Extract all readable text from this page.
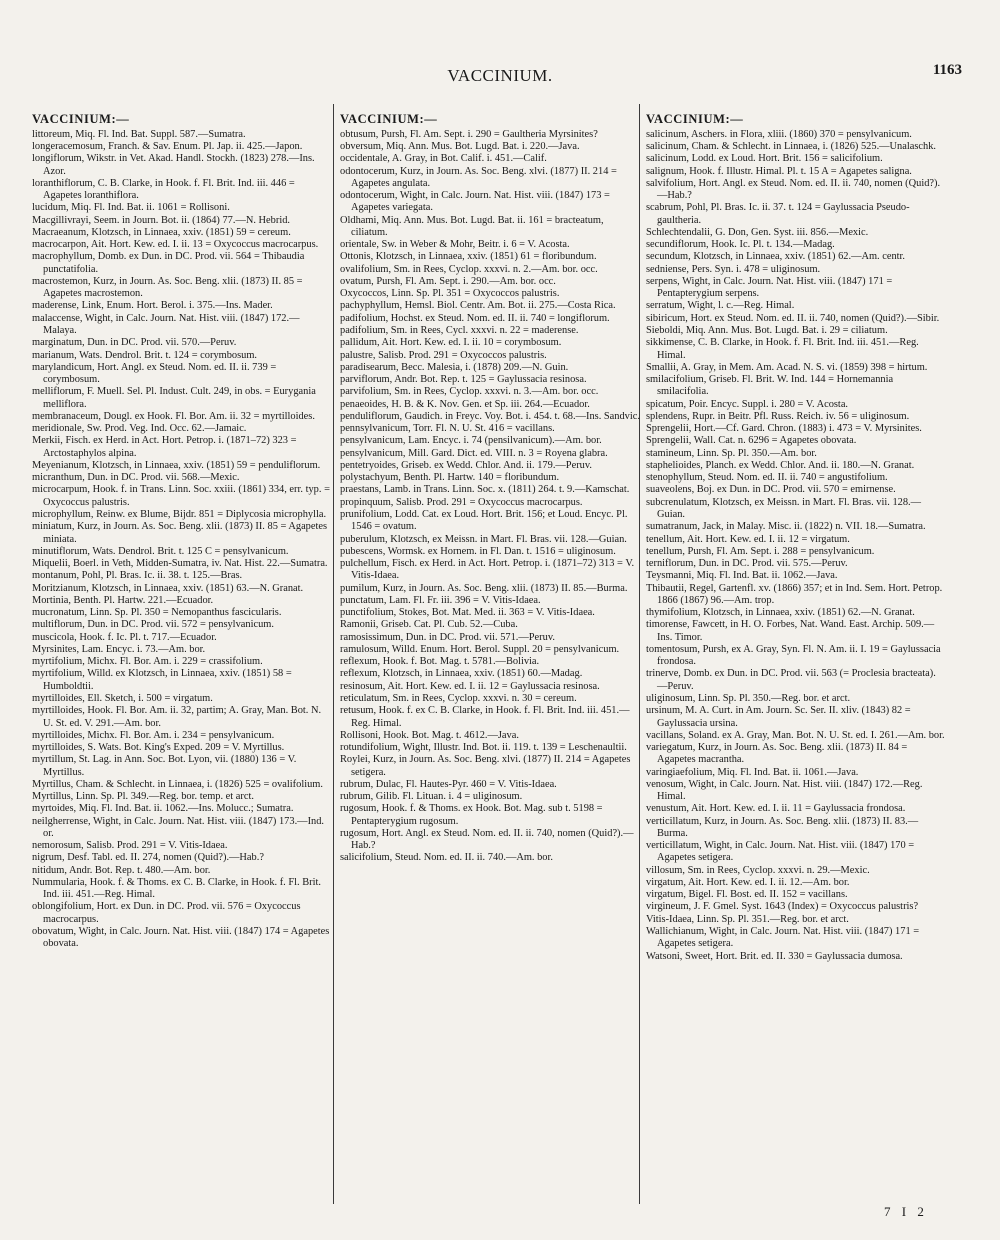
VACCINIUM.	1163
VACCINIUM:—

littoreum, Miq. Fl. Ind. Bat. Suppl. 587.—Sumatra.

longeracemosum, Franch. & Sav. Enum. Pl. Jap. ii. 425.—Japon.

longiflorum, Wikstr. in Vet. Akad. Handl. Stockh. (1823) 278.—Ins. Azor.

loranthiflorum, C. B. Clarke, in Hook. f. Fl. Brit. Ind. iii. 446 = Agapetes loranthiflora.

lucidum, Miq. Fl. Ind. Bat. ii. 1061 = Rollisoni.

Macgillivrayi, Seem. in Journ. Bot. ii. (1864) 77.—N. Hebrid.

Macraeanum, Klotzsch, in Linnaea, xxiv. (1851) 59 = cereum.

macrocarpon, Ait. Hort. Kew. ed. I. ii. 13 = Oxycoccus macrocarpus.

macrophyllum, Domb. ex Dun. in DC. Prod. vii. 564 = Thibaudia punctatifolia.

macrostemon, Kurz, in Journ. As. Soc. Beng. xlii. (1873) II. 85 = Agapetes macrostemon.

maderense, Link, Enum. Hort. Berol. i. 375.—Ins. Mader.

malaccense, Wight, in Calc. Journ. Nat. Hist. viii. (1847) 172.—Malaya.

marginatum, Dun. in DC. Prod. vii. 570.—Peruv.

marianum, Wats. Dendrol. Brit. t. 124 = corymbosum.

marylandicum, Hort. Angl. ex Steud. Nom. ed. II. ii. 739 = corymbosum.

melliflorum, F. Muell. Sel. Pl. Indust. Cult. 249, in obs. = Eurygania melliflora.

membranaceum, Dougl. ex Hook. Fl. Bor. Am. ii. 32 = myrtilloides.

meridionale, Sw. Prod. Veg. Ind. Occ. 62.—Jamaic.

Merkii, Fisch. ex Herd. in Act. Hort. Petrop. i. (1871–72) 323 = Arctostaphylos alpina.

Meyenianum, Klotzsch, in Linnaea, xxiv. (1851) 59 = penduliflorum.

micranthum, Dun. in DC. Prod. vii. 568.—Mexic.

microcarpum, Hook. f. in Trans. Linn. Soc. xxiii. (1861) 334, err. typ. = Oxycoccus palustris.

microphyllum, Reinw. ex Blume, Bijdr. 851 = Diplycosia microphylla.

miniatum, Kurz, in Journ. As. Soc. Beng. xlii. (1873) II. 85 = Agapetes miniata.

minutiflorum, Wats. Dendrol. Brit. t. 125 C = pensylvanicum.

Miquelii, Boerl. in Veth, Midden-Sumatra, iv. Nat. Hist. 22.—Sumatra.

montanum, Pohl, Pl. Bras. Ic. ii. 38. t. 125.—Bras.

Moritzianum, Klotzsch, in Linnaea, xxiv. (1851) 63.—N. Granat.

Mortinia, Benth. Pl. Hartw. 221.—Ecuador.

mucronatum, Linn. Sp. Pl. 350 = Nemopanthus fascicularis.

multiflorum, Dun. in DC. Prod. vii. 572 = pensylvanicum.

muscicola, Hook. f. Ic. Pl. t. 717.—Ecuador.

Myrsinites, Lam. Encyc. i. 73.—Am. bor.

myrtifolium, Michx. Fl. Bor. Am. i. 229 = crassifolium.

myrtifolium, Willd. ex Klotzsch, in Linnaea, xxiv. (1851) 58 = Humboldtii.

myrtilloides, Ell. Sketch, i. 500 = virgatum.

myrtilloides, Hook. Fl. Bor. Am. ii. 32, partim; A. Gray, Man. Bot. N. U. St. ed. V. 291.—Am. bor.

myrtilloides, Michx. Fl. Bor. Am. i. 234 = pensylvanicum.

myrtilloides, S. Wats. Bot. King's Exped. 209 = V. Myrtillus.

myrtillum, St. Lag. in Ann. Soc. Bot. Lyon, vii. (1880) 136 = V. Myrtillus.

Myrtillus, Cham. & Schlecht. in Linnaea, i. (1826) 525 = ovalifolium.

Myrtillus, Linn. Sp. Pl. 349.—Reg. bor. temp. et arct.

myrtoides, Miq. Fl. Ind. Bat. ii. 1062.—Ins. Molucc.; Sumatra.

neilgherrense, Wight, in Calc. Journ. Nat. Hist. viii. (1847) 173.—Ind. or.

nemorosum, Salisb. Prod. 291 = V. Vitis-Idaea.

nigrum, Desf. Tabl. ed. II. 274, nomen (Quid?).—Hab.?

nitidum, Andr. Bot. Rep. t. 480.—Am. bor.

Nummularia, Hook. f. & Thoms. ex C. B. Clarke, in Hook. f. Fl. Brit. Ind. iii. 451.—Reg. Himal.

oblongifolium, Hort. ex Dun. in DC. Prod. vii. 576 = Oxycoccus macrocarpus.

obovatum, Wight, in Calc. Journ. Nat. Hist. viii. (1847) 174 = Agapetes obovata.

VACCINIUM:—

obtusum, Pursh, Fl. Am. Sept. i. 290 = Gaultheria Myrsinites?

obversum, Miq. Ann. Mus. Bot. Lugd. Bat. i. 220.—Java.

occidentale, A. Gray, in Bot. Calif. i. 451.—Calif.

odontocerum, Kurz, in Journ. As. Soc. Beng. xlvi. (1877) II. 214 = Agapetes angulata.

odontocerum, Wight, in Calc. Journ. Nat. Hist. viii. (1847) 173 = Agapetes variegata.

Oldhami, Miq. Ann. Mus. Bot. Lugd. Bat. ii. 161 = bracteatum, ciliatum.

orientale, Sw. in Weber & Mohr, Beitr. i. 6 = V. Acosta.

Ottonis, Klotzsch, in Linnaea, xxiv. (1851) 61 = floribundum.

ovalifolium, Sm. in Rees, Cyclop. xxxvi. n. 2.—Am. bor. occ.

ovatum, Pursh, Fl. Am. Sept. i. 290.—Am. bor. occ.

Oxycoccos, Linn. Sp. Pl. 351 = Oxycoccos palustris.

pachyphyllum, Hemsl. Biol. Centr. Am. Bot. ii. 275.—Costa Rica.

padifolium, Hochst. ex Steud. Nom. ed. II. ii. 740 = longiflorum.

padifolium, Sm. in Rees, Cycl. xxxvi. n. 22 = maderense.

pallidum, Ait. Hort. Kew. ed. I. ii. 10 = corymbosum.

palustre, Salisb. Prod. 291 = Oxycoccos palustris.

paradisearum, Becc. Malesia, i. (1878) 209.—N. Guin.

parviflorum, Andr. Bot. Rep. t. 125 = Gaylussacia resinosa.

parvifolium, Sm. in Rees, Cyclop. xxxvi. n. 3.—Am. bor. occ.

penaeoides, H. B. & K. Nov. Gen. et Sp. iii. 264.—Ecuador.

penduliflorum, Gaudich. in Freyc. Voy. Bot. i. 454. t. 68.—Ins. Sandvic.

pennsylvanicum, Torr. Fl. N. U. St. 416 = vacillans.

pensylvanicum, Lam. Encyc. i. 74 (pensilvanicum).—Am. bor.

pensylvanicum, Mill. Gard. Dict. ed. VIII. n. 3 = Royena glabra.

pentetryoides, Griseb. ex Wedd. Chlor. And. ii. 179.—Peruv.

polystachyum, Benth. Pl. Hartw. 140 = floribundum.

praestans, Lamb. in Trans. Linn. Soc. x. (1811) 264. t. 9.—Kamschat.

propinquum, Salisb. Prod. 291 = Oxycoccus macrocarpus.

prunifolium, Lodd. Cat. ex Loud. Hort. Brit. 156; et Loud. Encyc. Pl. 1546 = ovatum.

puberulum, Klotzsch, ex Meissn. in Mart. Fl. Bras. vii. 128.—Guian.

pubescens, Wormsk. ex Hornem. in Fl. Dan. t. 1516 = uliginosum.

pulchellum, Fisch. ex Herd. in Act. Hort. Petrop. i. (1871–72) 313 = V. Vitis-Idaea.

pumilum, Kurz, in Journ. As. Soc. Beng. xlii. (1873) II. 85.—Burma.

punctatum, Lam. Fl. Fr. iii. 396 = V. Vitis-Idaea.

punctifolium, Stokes, Bot. Mat. Med. ii. 363 = V. Vitis-Idaea.

Ramonii, Griseb. Cat. Pl. Cub. 52.—Cuba.

ramosissimum, Dun. in DC. Prod. vii. 571.—Peruv.

ramulosum, Willd. Enum. Hort. Berol. Suppl. 20 = pensylvanicum.

reflexum, Hook. f. Bot. Mag. t. 5781.—Bolivia.

reflexum, Klotzsch, in Linnaea, xxiv. (1851) 60.—Madag.

resinosum, Ait. Hort. Kew. ed. I. ii. 12 = Gaylussacia resinosa.

reticulatum, Sm. in Rees, Cyclop. xxxvi. n. 30 = cereum.

retusum, Hook. f. ex C. B. Clarke, in Hook. f. Fl. Brit. Ind. iii. 451.—Reg. Himal.

Rollisoni, Hook. Bot. Mag. t. 4612.—Java.

rotundifolium, Wight, Illustr. Ind. Bot. ii. 119. t. 139 = Leschenaultii.

Roylei, Kurz, in Journ. As. Soc. Beng. xlvi. (1877) II. 214 = Agapetes setigera.

rubrum, Dulac, Fl. Hautes-Pyr. 460 = V. Vitis-Idaea.

rubrum, Gilib. Fl. Lituan. i. 4 = uliginosum.

rugosum, Hook. f. & Thoms. ex Hook. Bot. Mag. sub t. 5198 = Pentapterygium rugosum.

rugosum, Hort. Angl. ex Steud. Nom. ed. II. ii. 740, nomen (Quid?).—Hab.?

salicifolium, Steud. Nom. ed. II. ii. 740.—Am. bor.

VACCINIUM:—

salicinum, Aschers. in Flora, xliii. (1860) 370 = pensylvanicum.

salicinum, Cham. & Schlecht. in Linnaea, i. (1826) 525.—Unalaschk.

salicinum, Lodd. ex Loud. Hort. Brit. 156 = salicifolium.

salignum, Hook. f. Illustr. Himal. Pl. t. 15 A = Agapetes saligna.

salvifolium, Hort. Angl. ex Steud. Nom. ed. II. ii. 740, nomen (Quid?).—Hab.?

scabrum, Pohl, Pl. Bras. Ic. ii. 37. t. 124 = Gaylussacia Pseudo-gaultheria.

Schlechtendalii, G. Don, Gen. Syst. iii. 856.—Mexic.

secundiflorum, Hook. Ic. Pl. t. 134.—Madag.

secundum, Klotzsch, in Linnaea, xxiv. (1851) 62.—Am. centr.

sedniense, Pers. Syn. i. 478 = uliginosum.

serpens, Wight, in Calc. Journ. Nat. Hist. viii. (1847) 171 = Pentapterygium serpens.

serratum, Wight, l. c.—Reg. Himal.

sibiricum, Hort. ex Steud. Nom. ed. II. ii. 740, nomen (Quid?).—Sibir.

Sieboldi, Miq. Ann. Mus. Bot. Lugd. Bat. i. 29 = ciliatum.

sikkimense, C. B. Clarke, in Hook. f. Fl. Brit. Ind. iii. 451.—Reg. Himal.

Smallii, A. Gray, in Mem. Am. Acad. N. S. vi. (1859) 398 = hirtum.

smilacifolium, Griseb. Fl. Brit. W. Ind. 144 = Hornemannia smilacifolia.

spicatum, Poir. Encyc. Suppl. i. 280 = V. Acosta.

splendens, Rupr. in Beitr. Pfl. Russ. Reich. iv. 56 = uliginosum.

Sprengelii, Hort.—Cf. Gard. Chron. (1883) i. 473 = V. Myrsinites.

Sprengelii, Wall. Cat. n. 6296 = Agapetes obovata.

stamineum, Linn. Sp. Pl. 350.—Am. bor.

staphelioides, Planch. ex Wedd. Chlor. And. ii. 180.—N. Granat.

stenophyllum, Steud. Nom. ed. II. ii. 740 = angustifolium.

suaveolens, Boj. ex Dun. in DC. Prod. vii. 570 = emirnense.

subcrenulatum, Klotzsch, ex Meissn. in Mart. Fl. Bras. vii. 128.—Guian.

sumatranum, Jack, in Malay. Misc. ii. (1822) n. VII. 18.—Sumatra.

tenellum, Ait. Hort. Kew. ed. I. ii. 12 = virgatum.

tenellum, Pursh, Fl. Am. Sept. i. 288 = pensylvanicum.

terniflorum, Dun. in DC. Prod. vii. 575.—Peruv.

Teysmanni, Miq. Fl. Ind. Bat. ii. 1062.—Java.

Thibautii, Regel, Gartenfl. xv. (1866) 357; et in Ind. Sem. Hort. Petrop. 1866 (1867) 96.—Am. trop.

thymifolium, Klotzsch, in Linnaea, xxiv. (1851) 62.—N. Granat.

timorense, Fawcett, in H. O. Forbes, Nat. Wand. East. Archip. 509.—Ins. Timor.

tomentosum, Pursh, ex A. Gray, Syn. Fl. N. Am. ii. I. 19 = Gaylussacia frondosa.

trinerve, Domb. ex Dun. in DC. Prod. vii. 563 (= Proclesia bracteata).—Peruv.

uliginosum, Linn. Sp. Pl. 350.—Reg. bor. et arct.

ursinum, M. A. Curt. in Am. Journ. Sc. Ser. II. xliv. (1843) 82 = Gaylussacia ursina.

vacillans, Soland. ex A. Gray, Man. Bot. N. U. St. ed. I. 261.—Am. bor.

variegatum, Kurz, in Journ. As. Soc. Beng. xlii. (1873) II. 84 = Agapetes macrantha.

varingiaefolium, Miq. Fl. Ind. Bat. ii. 1061.—Java.

venosum, Wight, in Calc. Journ. Nat. Hist. viii. (1847) 172.—Reg. Himal.

venustum, Ait. Hort. Kew. ed. I. ii. 11 = Gaylussacia frondosa.

verticillatum, Kurz, in Journ. As. Soc. Beng. xlii. (1873) II. 83.—Burma.

verticillatum, Wight, in Calc. Journ. Nat. Hist. viii. (1847) 170 = Agapetes setigera.

villosum, Sm. in Rees, Cyclop. xxxvi. n. 29.—Mexic.

virgatum, Ait. Hort. Kew. ed. I. ii. 12.—Am. bor.

virgatum, Bigel. Fl. Bost. ed. II. 152 = vacillans.

virgineum, J. F. Gmel. Syst. 1643 (Index) = Oxycoccus palustris?

Vitis-Idaea, Linn. Sp. Pl. 351.—Reg. bor. et arct.

Wallichianum, Wight, in Calc. Journ. Nat. Hist. viii. (1847) 171 = Agapetes setigera.

Watsoni, Sweet, Hort. Brit. ed. II. 330 = Gaylussacia dumosa.

7 I 2
